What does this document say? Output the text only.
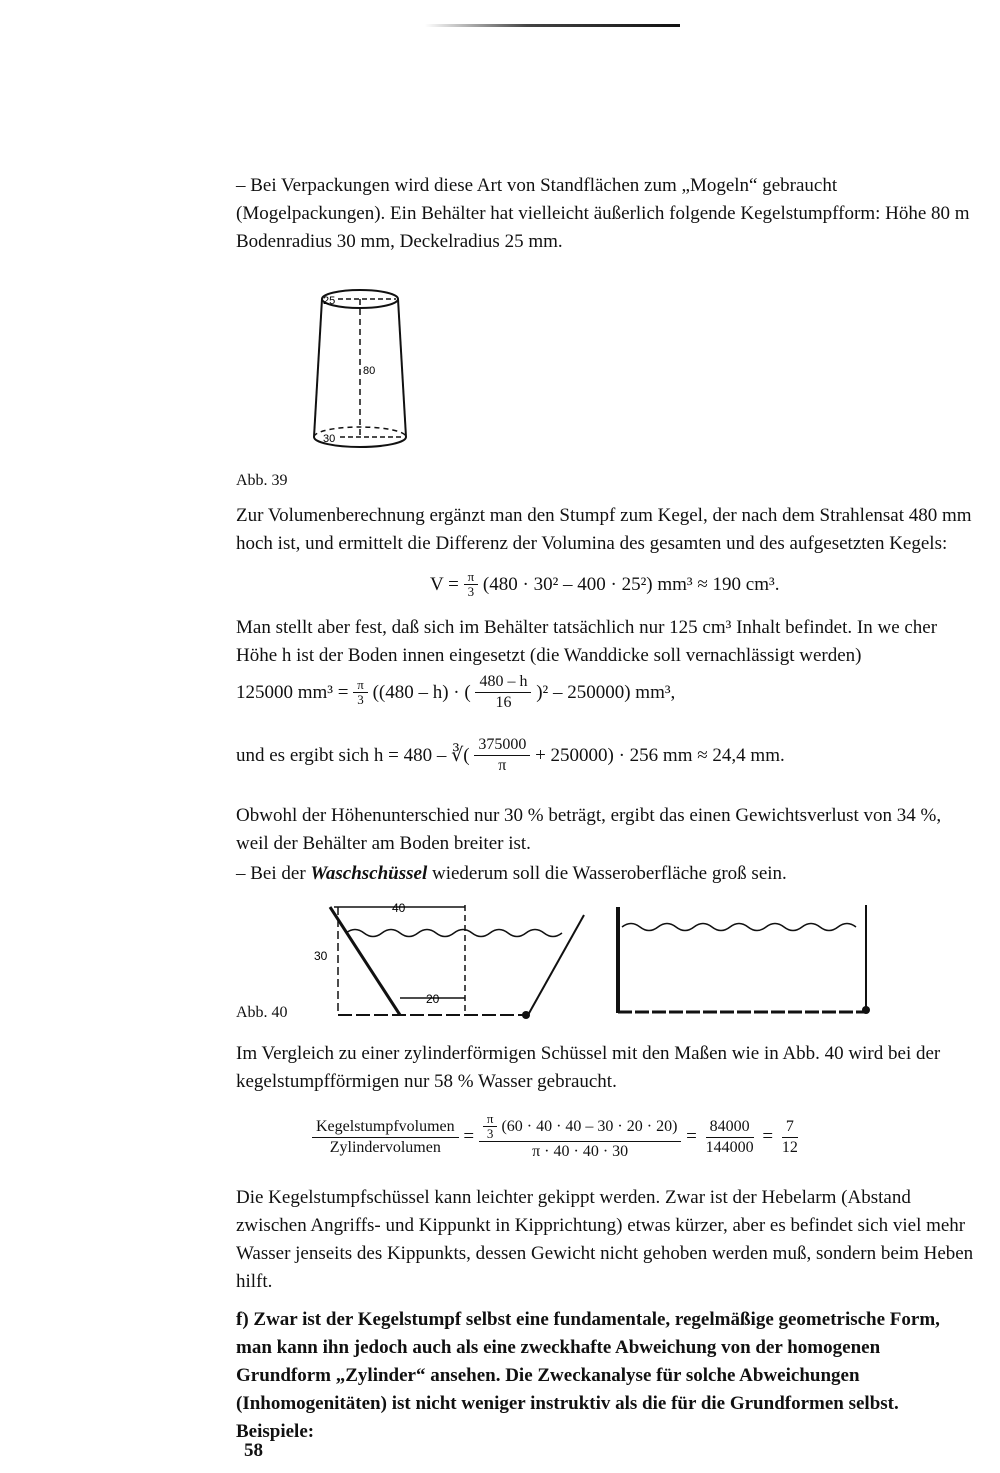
– Bei Verpackungen wird diese Art von Standflächen zum „Mogeln“ gebraucht (Mogelpackungen). Ein Behälter hat vielleicht äußerlich folgende Kegelstumpfform: Höhe 80 m Bodenradius 30 mm, Deckelradius 25 mm.

25
80
30

Abb. 39

Zur Volumenberechnung ergänzt man den Stumpf zum Kegel, der nach dem Strahlensat 480 mm hoch ist, und ermittelt die Differenz der Volumina des gesamten und des aufgesetzten Kegels:

$V = \frac{\pi}{3} (480 \cdot 30^2 - 400 \cdot 25^2) mm^3 \approx 190$ cm³.

Man stellt aber fest, daß sich im Behälter tatsächlich nur 125 cm³ Inhalt befindet. In we cher Höhe h ist der Boden innen eingesetzt (die Wanddicke soll vernachlässigt werden)

125000 $mm^3 = \frac{\pi}{3} ((480 - h)$ · ( $\frac{480 - h}{16} )^2 - 250000$) mm³,
und es ergibt sich h = 480 – ∛( $\frac{375000}{\pi} + 250000) \cdot 256$ mm ≈ 24,4 mm.

Obwohl der Höhenunterschied nur 30 % beträgt, ergibt das einen Gewichtsverlust von 34 %, weil der Behälter am Boden breiter ist.

– Bei der Waschschüssel wiederum soll die Wasseroberfläche groß sein.

40
30
20

Abb. 40

Im Vergleich zu einer zylinderförmigen Schüssel mit den Maßen wie in Abb. 40 wird bei der kegelstumpfförmigen nur 58 % Wasser gebraucht.

$\frac{\text{Kegelstumpfvolumen}}{\text{Zylindervolumen}} = \frac{\frac{\pi}{3} (60 \cdot 40 \cdot 40 - 30 \cdot 20 \cdot 20)}{\pi \cdot 40 \cdot 40 \cdot 30} = \frac{84000}{144000} = \frac{7}{12}$

Die Kegelstumpfschüssel kann leichter gekippt werden. Zwar ist der Hebelarm (Abstand zwischen Angriffs- und Kippunkt in Kipprichtung) etwas kürzer, aber es befindet sich viel mehr Wasser jenseits des Kippunkts, dessen Gewicht nicht gehoben werden muß, sondern beim Heben hilft.

f) Zwar ist der Kegelstumpf selbst eine fundamentale, regelmäßige geometrische Form, man kann ihn jedoch auch als eine zweckhafte Abweichung von der homogenen Grundform „Zylinder“ ansehen. Die Zweckanalyse für solche Abweichungen (Inhomogenitäten) ist nicht weniger instruktiv als die für die Grundformen selbst. Beispiele:

58
